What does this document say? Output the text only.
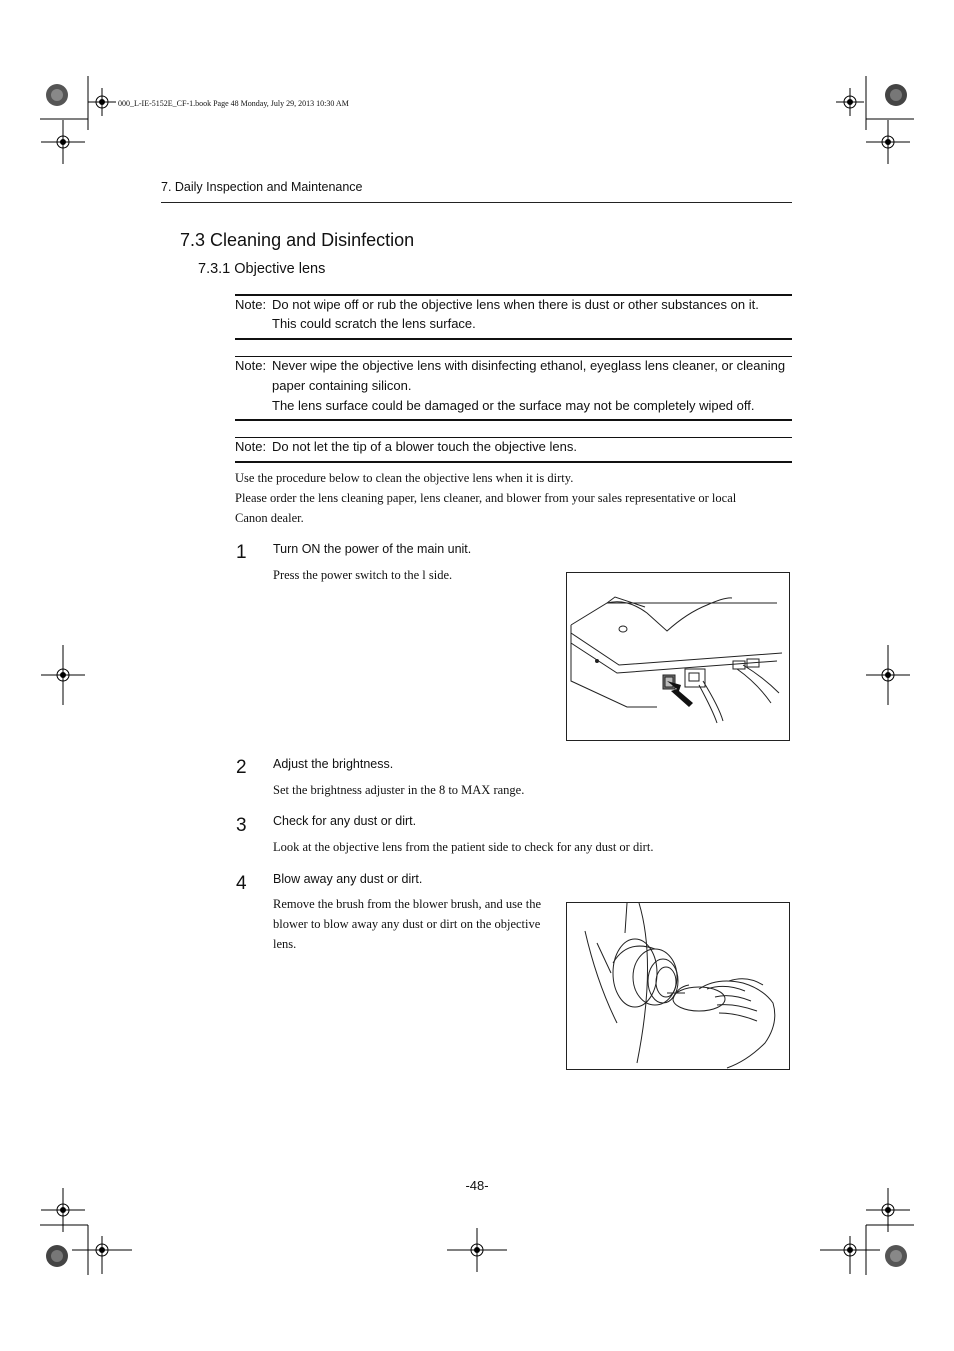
000_L-IE-5152E_CF-1.book Page 48 Monday, July 29, 2013 10:30 AM
7. Daily Inspection and Maintenance
7.3 Cleaning and Disinfection
7.3.1 Objective lens
Note: Do not wipe off or rub the objective lens when there is dust or other substances on it.
This could scratch the lens surface.
Note: Never wipe the objective lens with disinfecting ethanol, eyeglass lens cleaner, or cleaning
paper containing silicon.
The lens surface could be damaged or the surface may not be completely wiped off.
Note: Do not let the tip of a blower touch the objective lens.
Use the procedure below to clean the objective lens when it is dirty.
Please order the lens cleaning paper, lens cleaner, and blower from your sales representative or local
Canon dealer.
1 Turn ON the power of the main unit.
Press the power switch to the l side.
2 Adjust the brightness.
Set the brightness adjuster in the 8 to MAX range.
3 Check for any dust or dirt.
Look at the objective lens from the patient side to check for any dust or dirt.
4 Blow away any dust or dirt.
Remove the brush from the blower brush, and use the
blower to blow away any dust or dirt on the objective
lens.
-48-
